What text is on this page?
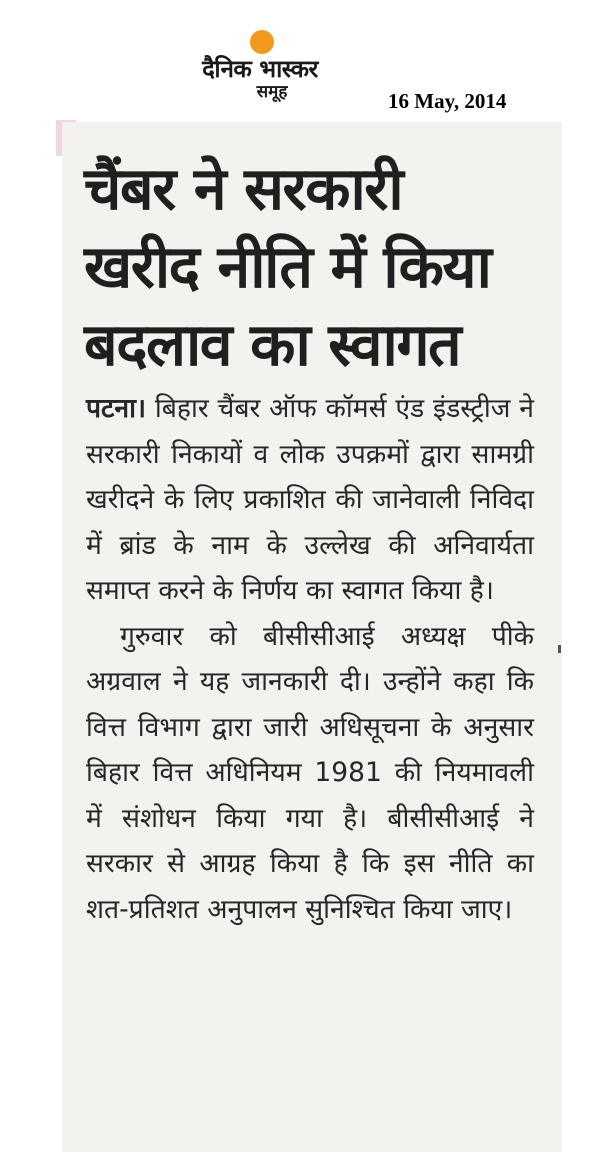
दैनिक भास्कर
समूह	16 May, 2014
चैंबर ने सरकारी
खरीद नीति में किया
बदलाव का स्वागत

पटना। बिहार चैंबर ऑफ कॉमर्स एंड इंडस्ट्रीज ने सरकारी निकायों व लोक उपक्रमों द्वारा सामग्री खरीदने के लिए प्रकाशित की जानेवाली निविदा में ब्रांड के नाम के उल्लेख की अनिवार्यता समाप्त करने के निर्णय का स्वागत किया है।

गुरुवार को बीसीसीआई अध्यक्ष पीके अग्रवाल ने यह जानकारी दी। उन्होंने कहा कि वित्त विभाग द्वारा जारी अधिसूचना के अनुसार बिहार वित्त अधिनियम 1981 की नियमावली में संशोधन किया गया है। बीसीसीआई ने सरकार से आग्रह किया है कि इस नीति का शत-प्रतिशत अनुपालन सुनिश्चित किया जाए।
